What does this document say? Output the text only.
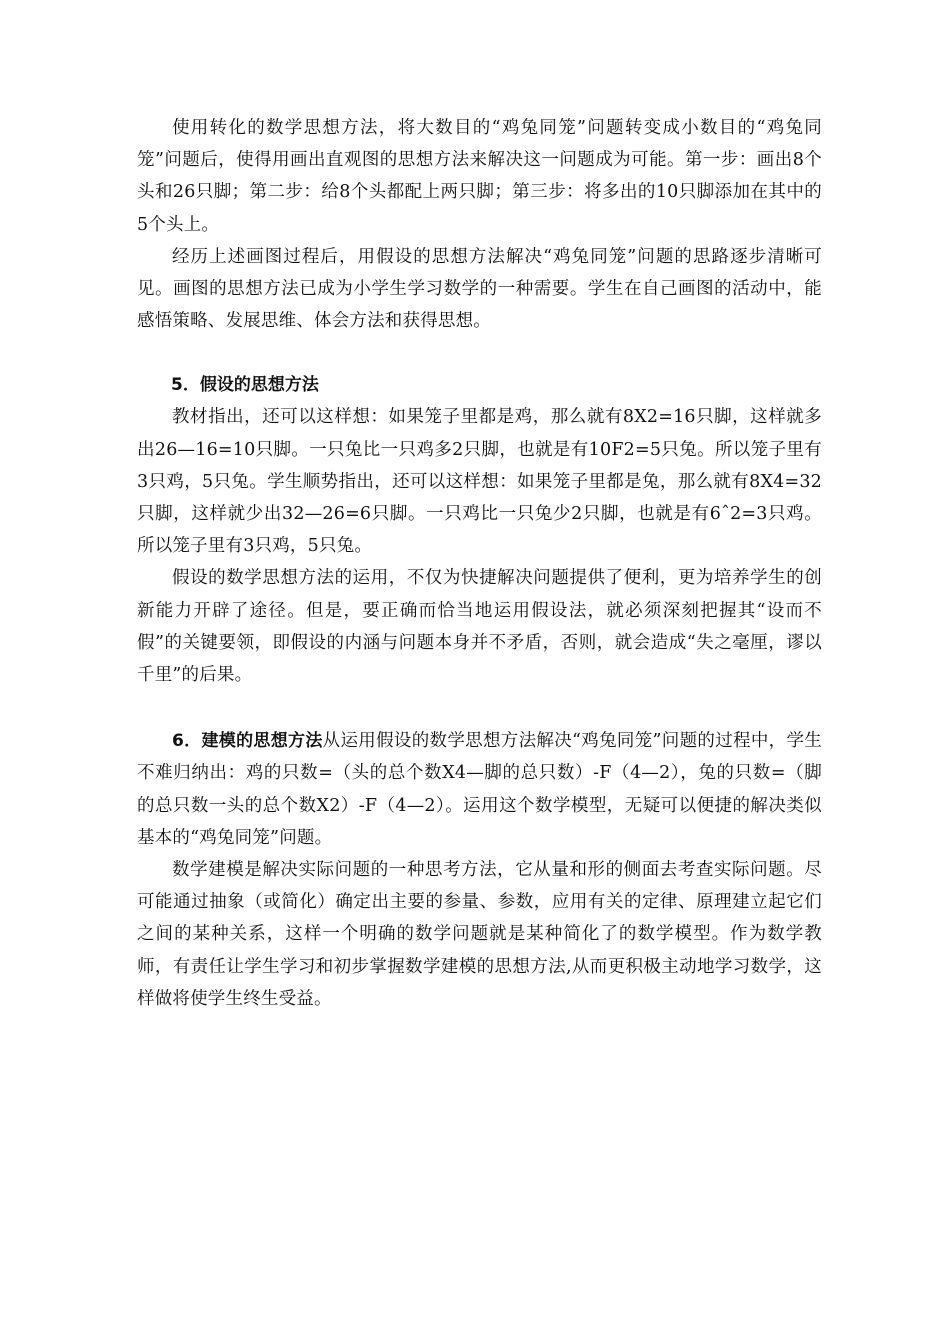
使用转化的数学思想方法，将大数目的“鸡兔同笼”问题转变成小数目的“鸡兔同笼”问题后，使得用画出直观图的思想方法来解决这一问题成为可能。第一步：画出8个头和26只脚；第二步：给8个头都配上两只脚；第三步：将多出的10只脚添加在其中的5个头上。

经历上述画图过程后，用假设的思想方法解决“鸡兔同笼”问题的思路逐步清晰可见。画图的思想方法已成为小学生学习数学的一种需要。学生在自己画图的活动中，能感悟策略、发展思维、体会方法和获得思想。

5．假设的思想方法

教材指出，还可以这样想：如果笼子里都是鸡，那么就有8X2=16只脚，这样就多出26—16=10只脚。一只兔比一只鸡多2只脚，也就是有10F2=5只兔。所以笼子里有3只鸡，5只兔。学生顺势指出，还可以这样想：如果笼子里都是兔，那么就有8X4=32只脚，这样就少出32—26=6只脚。一只鸡比一只兔少2只脚，也就是有6ˆ2=3只鸡。所以笼子里有3只鸡，5只兔。

假设的数学思想方法的运用，不仅为快捷解决问题提供了便利，更为培养学生的创新能力开辟了途径。但是，要正确而恰当地运用假设法，就必须深刻把握其“设而不假”的关键要领，即假设的内涵与问题本身并不矛盾，否则，就会造成“失之毫厘，谬以千里”的后果。

6．建模的思想方法从运用假设的数学思想方法解决“鸡兔同笼”问题的过程中，学生不难归纳出：鸡的只数=（头的总个数X4—脚的总只数）-F（4—2），兔的只数=（脚的总只数一头的总个数X2）-F（4—2）。运用这个数学模型，无疑可以便捷的解决类似基本的“鸡兔同笼”问题。

数学建模是解决实际问题的一种思考方法，它从量和形的侧面去考查实际问题。尽可能通过抽象（或简化）确定出主要的参量、参数，应用有关的定律、原理建立起它们之间的某种关系，这样一个明确的数学问题就是某种简化了的数学模型。作为数学教师，有责任让学生学习和初步掌握数学建模的思想方法,从而更积极主动地学习数学，这样做将使学生终生受益。
